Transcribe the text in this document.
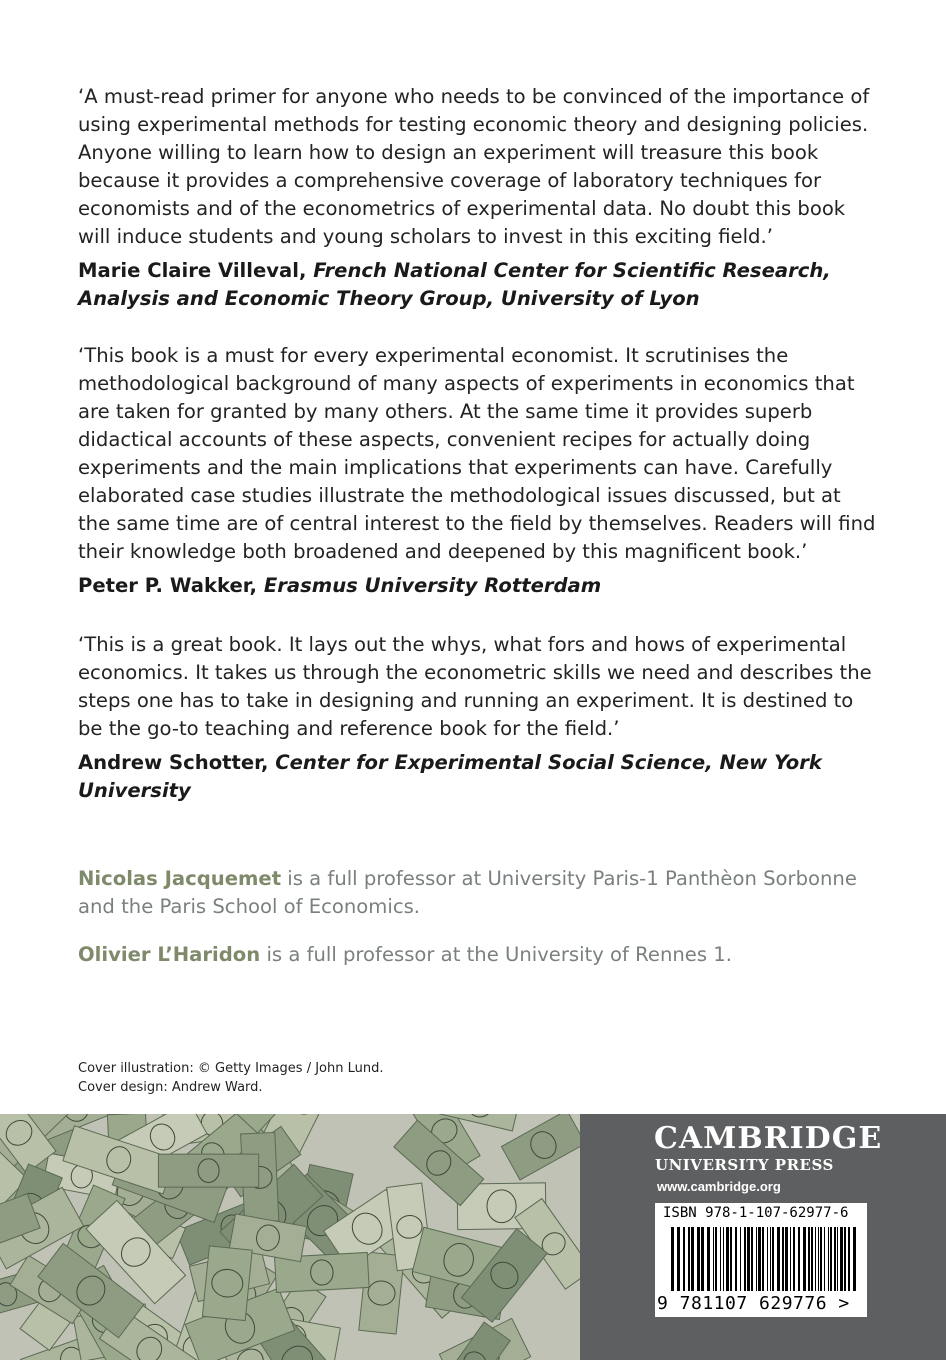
‘A must-read primer for anyone who needs to be convinced of the importance of using experimental methods for testing economic theory and designing policies. Anyone willing to learn how to design an experiment will treasure this book because it provides a comprehensive coverage of laboratory techniques for economists and of the econometrics of experimental data. No doubt this book will induce students and young scholars to invest in this exciting field.’

Marie Claire Villeval, French National Center for Scientific Research, Analysis and Economic Theory Group, University of Lyon

‘This book is a must for every experimental economist. It scrutinises the methodological background of many aspects of experiments in economics that are taken for granted by many others. At the same time it provides superb didactical accounts of these aspects, convenient recipes for actually doing experiments and the main implications that experiments can have. Carefully elaborated case studies illustrate the methodological issues discussed, but at the same time are of central interest to the field by themselves. Readers will find their knowledge both broadened and deepened by this magnificent book.’

Peter P. Wakker, Erasmus University Rotterdam

‘This is a great book. It lays out the whys, what fors and hows of experimental economics. It takes us through the econometric skills we need and describes the steps one has to take in designing and running an experiment. It is destined to be the go-to teaching and reference book for the field.’

Andrew Schotter, Center for Experimental Social Science, New York University

Nicolas Jacquemet is a full professor at University Paris-1 Panthèon Sorbonne and the Paris School of Economics.

Olivier L’Haridon is a full professor at the University of Rennes 1.

Cover illustration: © Getty Images / John Lund.
Cover design: Andrew Ward.

CAMBRIDGE

UNIVERSITY PRESS

www.cambridge.org

ISBN 978-1-107-62977-6

9 781107 629776 >
